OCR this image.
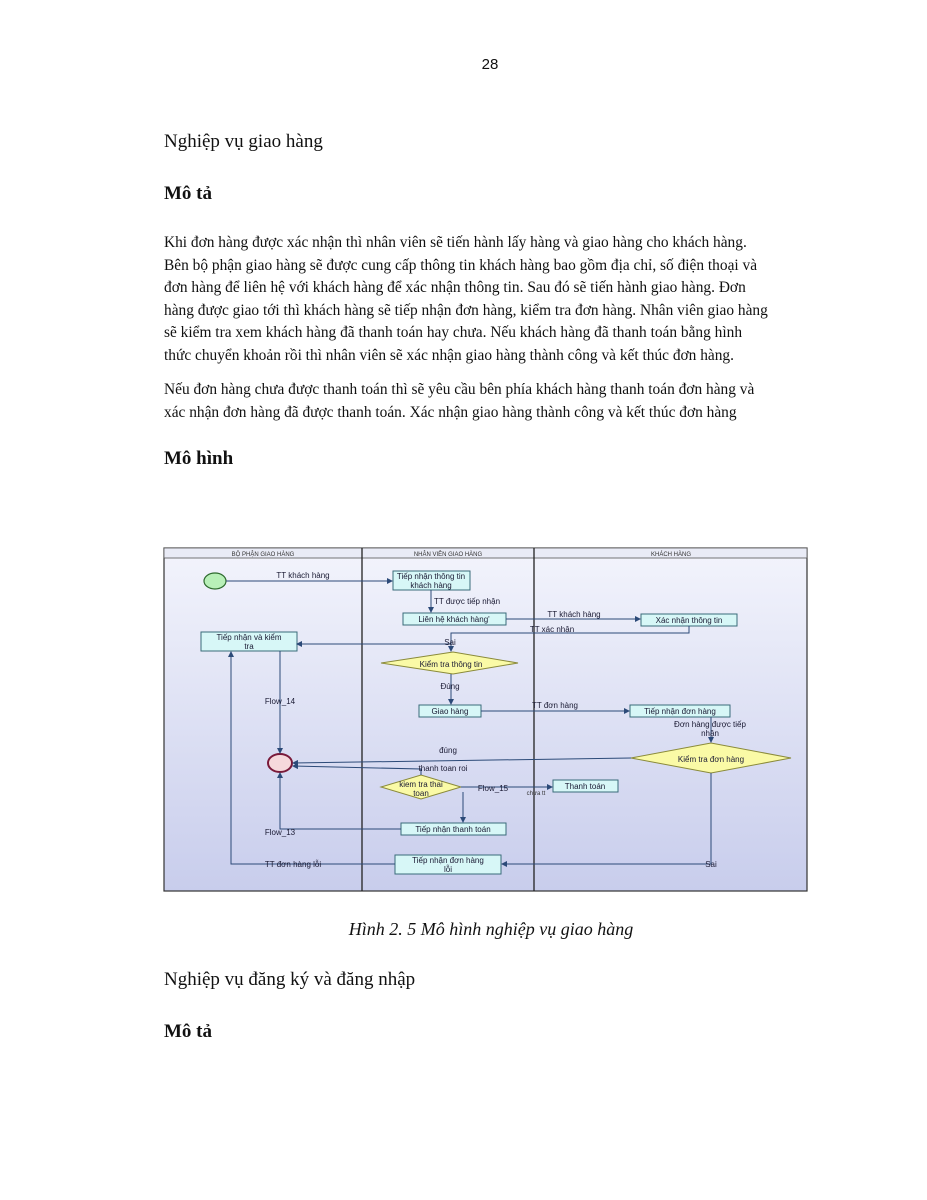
28
Nghiệp vụ giao hàng
Mô tả
Khi đơn hàng được xác nhận thì nhân viên sẽ tiến hành lấy hàng và giao hàng cho khách hàng.
Bên bộ phận giao hàng sẽ được cung cấp thông tin khách hàng bao gồm địa chỉ, số điện thoại và
đơn hàng để liên hệ với khách hàng để xác nhận thông tin. Sau đó sẽ tiến hành giao hàng. Đơn
hàng được giao tới thì khách hàng sẽ tiếp nhận đơn hàng, kiểm tra đơn hàng. Nhân viên giao hàng
sẽ kiểm tra xem khách hàng đã thanh toán hay chưa. Nếu khách hàng đã thanh toán bằng hình
thức chuyển khoản rồi thì nhân viên sẽ xác nhận giao hàng thành công và kết thúc đơn hàng.
Nếu đơn hàng chưa được thanh toán thì sẽ yêu cầu bên phía khách hàng thanh toán đơn hàng và
xác nhận đơn hàng đã được thanh toán. Xác nhận giao hàng thành công và kết thúc đơn hàng
Mô hình
BỘ PHẬN GIAO HÀNG	NHÂN VIÊN GIAO HÀNG	KHÁCH HÀNG
Tiếp nhận thông tin
khách hàng
Liên hệ khách hàng'	Xác nhận thông tin
Tiếp nhận và kiểm
tra
Giao hàng	Tiếp nhận đơn hàng
Thanh toán
Tiếp nhận thanh toán
Tiếp nhận đơn hàng
lỗi
Kiểm tra thông tin
Kiểm tra đơn hàng
kiem tra thai
toan
TT khách hàng
TT được tiếp nhận
TT khách hàng
TT xác nhận
Sai
Đúng
Flow_14	TT đơn hàng
Đơn hàng được tiếp
nhận
đúng
thanh toan roi
Flow_15
chưa tt
Flow_13
TT đơn hàng lỗi	Sai
Hình 2. 5 Mô hình nghiệp vụ giao hàng
Nghiệp vụ đăng ký và đăng nhập
Mô tả
